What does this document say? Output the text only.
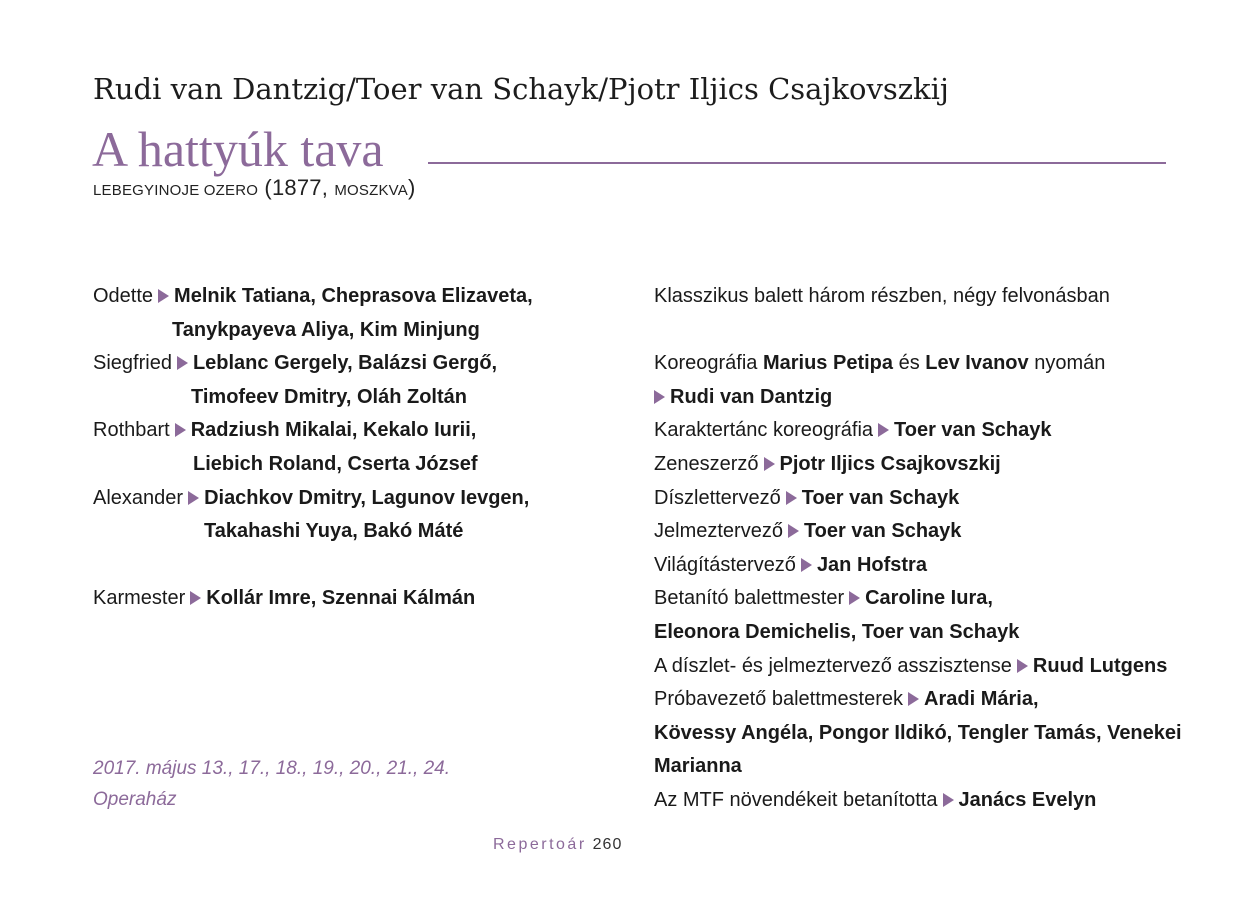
Rudi van Dantzig/Toer van Schayk/Pjotr Iljics Csajkovszkij
A hattyúk tava
LEBEGYINOJE OZERO (1877, MOSZKVA)
Odette Melnik Tatiana, Cheprasova Elizaveta,
Tanykpayeva Aliya, Kim Minjung
Siegfried Leblanc Gergely, Balázsi Gergő,
Timofeev Dmitry, Oláh Zoltán
Rothbart Radziush Mikalai, Kekalo Iurii,
Liebich Roland, Cserta József
Alexander Diachkov Dmitry, Lagunov Ievgen,
Takahashi Yuya, Bakó Máté
Karmester Kollár Imre, Szennai Kálmán
2017. május 13., 17., 18., 19., 20., 21., 24.
Operaház
Klasszikus balett három részben, négy felvonásban
Koreográfia Marius Petipa és Lev Ivanov nyomán
Rudi van Dantzig
Karaktertánc koreográfia Toer van Schayk
Zeneszerző Pjotr Iljics Csajkovszkij
Díszlettervező Toer van Schayk
Jelmeztervező Toer van Schayk
Világítástervező Jan Hofstra
Betanító balettmester Caroline Iura,
Eleonora Demichelis, Toer van Schayk
A díszlet- és jelmeztervező asszisztense Ruud Lutgens
Próbavezető balettmesterek Aradi Mária,
Kövessy Angéla, Pongor Ildikó, Tengler Tamás, Venekei
Marianna
Az MTF növendékeit betanította Janács Evelyn
Repertoár 260
